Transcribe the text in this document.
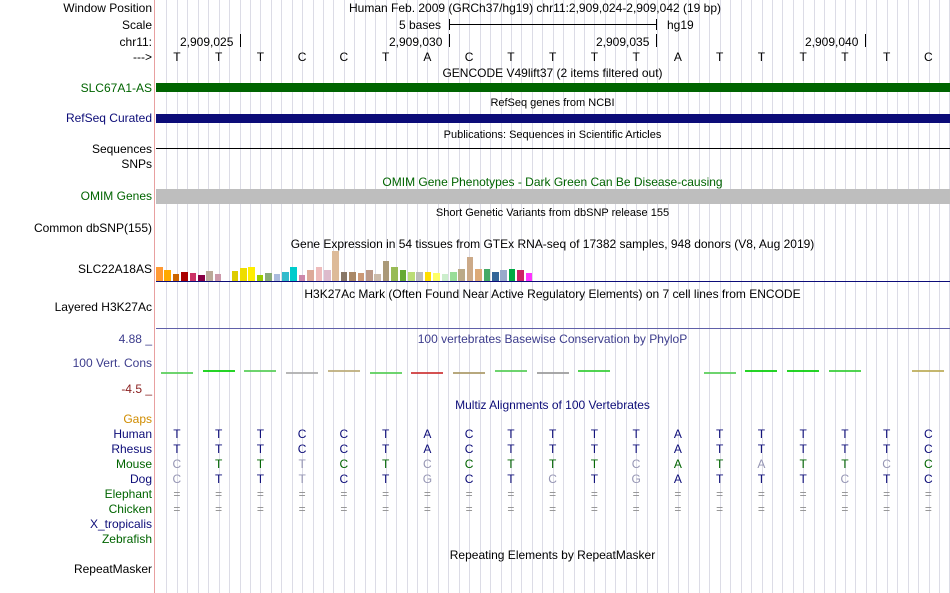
Window Position	Human Feb. 2009 (GRCh37/hg19) chr11:2,909,024-2,909,042 (19 bp)
Scale	5 bases	hg19
chr11: 2,909,025	2,909,030	2,909,035	2,909,040
---> T	T	T	C	C	T	A	C	T	T	T	T	A	T	T	T	T	T	C
GENCODE V49lift37 (2 items filtered out)
SLC67A1-AS
RefSeq genes from NCBI
RefSeq Curated
Publications: Sequences in Scientific Articles
Sequences
SNPs
OMIM Gene Phenotypes - Dark Green Can Be Disease-causing
OMIM Genes
Short Genetic Variants from dbSNP release 155
Common dbSNP(155)
Gene Expression in 54 tissues from GTEx RNA-seq of 17382 samples, 948 donors (V8, Aug 2019)
SLC22A18AS
H3K27Ac Mark (Often Found Near Active Regulatory Elements) on 7 cell lines from ENCODE
Layered H3K27Ac
100 vertebrates Basewise Conservation by PhyloP
4.88 _
100 Vert. Cons
-4.5 _
Multiz Alignments of 100 Vertebrates
Gaps
Human T	T	T	C	C	T	A	C	T	T	T	T	A	T	T	T	T	T	C
Rhesus T	T	T	C	C	T	A	C	T	T	T	T	A	T	T	T	T	T	C
Mouse C	T	T	T	C	T	C	C	T	T	T	C	A	T	A	T	T	C	C
Dog C	T	T	T	C	T	G	C	T	C	T	G	A	T	T	T	C	T	C
Elephant =	=	=	=	=	=	=	=	=	=	=	=	=	=	=	=	=	=	=
Chicken =	=	=	=	=	=	=	=	=	=	=	=	=	=	=	=	=	=	=
X_tropicalis
Zebrafish
Repeating Elements by RepeatMasker
RepeatMasker
